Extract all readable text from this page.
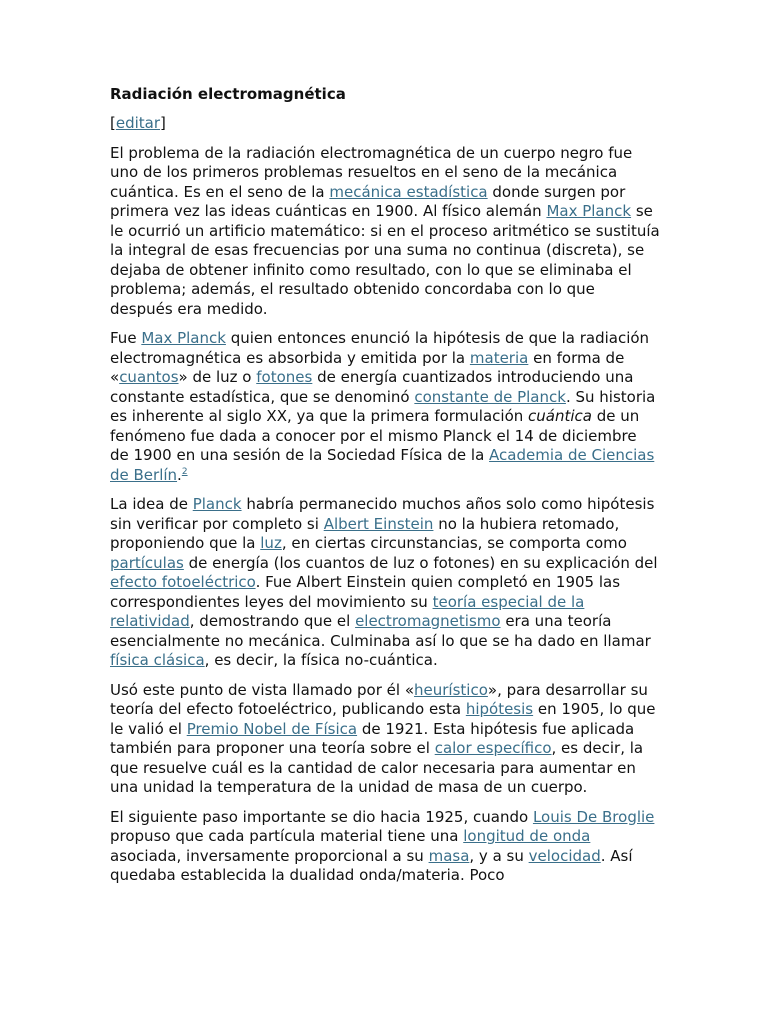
Radiación electromagnética
[editar]

El problema de la radiación electromagnética de un cuerpo negro fue uno de los primeros problemas resueltos en el seno de la mecánica cuántica. Es en el seno de la mecánica estadística donde surgen por primera vez las ideas cuánticas en 1900. Al físico alemán Max Planck se le ocurrió un artificio matemático: si en el proceso aritmético se sustituía la integral de esas frecuencias por una suma no continua (discreta), se dejaba de obtener infinito como resultado, con lo que se eliminaba el problema; además, el resultado obtenido concordaba con lo que después era medido.

Fue Max Planck quien entonces enunció la hipótesis de que la radiación electromagnética es absorbida y emitida por la materia en forma de «cuantos» de luz o fotones de energía cuantizados introduciendo una constante estadística, que se denominó constante de Planck. Su historia es inherente al siglo XX, ya que la primera formulación cuántica de un fenómeno fue dada a conocer por el mismo Planck el 14 de diciembre de 1900 en una sesión de la Sociedad Física de la Academia de Ciencias de Berlín.$^2$

La idea de Planck habría permanecido muchos años solo como hipótesis sin verificar por completo si Albert Einstein no la hubiera retomado, proponiendo que la luz, en ciertas circunstancias, se comporta como partículas de energía (los cuantos de luz o fotones) en su explicación del efecto fotoeléctrico. Fue Albert Einstein quien completó en 1905 las correspondientes leyes del movimiento su teoría especial de la relatividad, demostrando que el electromagnetismo era una teoría esencialmente no mecánica. Culminaba así lo que se ha dado en llamar física clásica, es decir, la física no-cuántica.

Usó este punto de vista llamado por él «heurístico», para desarrollar su teoría del efecto fotoeléctrico, publicando esta hipótesis en 1905, lo que le valió el Premio Nobel de Física de 1921. Esta hipótesis fue aplicada también para proponer una teoría sobre el calor específico, es decir, la que resuelve cuál es la cantidad de calor necesaria para aumentar en una unidad la temperatura de la unidad de masa de un cuerpo.

El siguiente paso importante se dio hacia 1925, cuando Louis De Broglie propuso que cada partícula material tiene una longitud de onda asociada, inversamente proporcional a su masa, y a su velocidad. Así quedaba establecida la dualidad onda/materia. Poco
